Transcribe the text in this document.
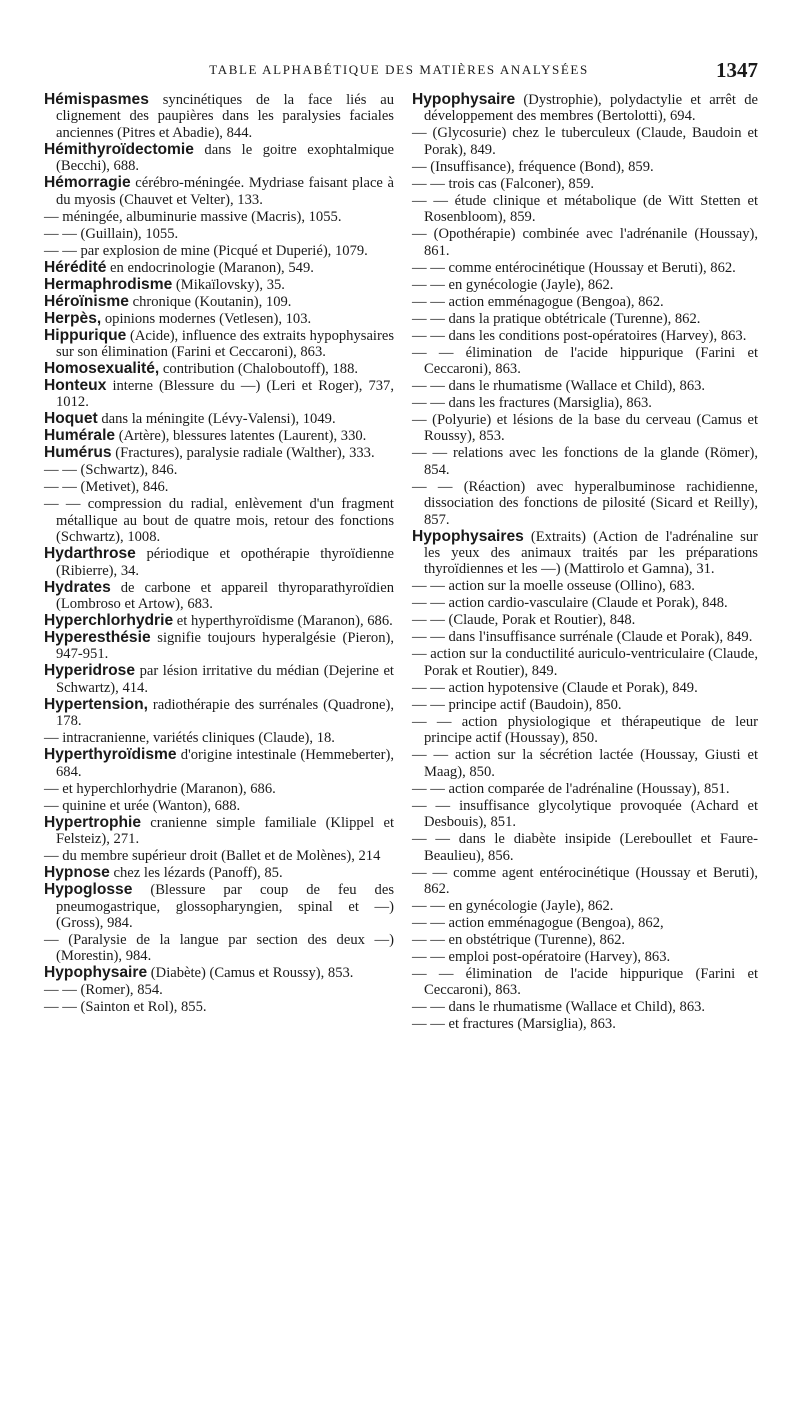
TABLE ALPHABÉTIQUE DES MATIÈRES ANALYSÉES	1347
Hémispasmes syncinétiques de la face liés au clignement des paupières dans les paralysies faciales anciennes (Pitres et Abadie), 844.
Hémithyroïdectomie dans le goitre exophtalmique (Becchi), 688.
Hémorragie cérébro-méningée. Mydriase faisant place à du myosis (Chauvet et Velter), 133.
— méningée, albuminurie massive (Macris), 1055.
— — (Guillain), 1055.
— — par explosion de mine (Picqué et Duperié), 1079.
Hérédité en endocrinologie (Maranon), 549.
Hermaphrodisme (Mikaïlovsky), 35.
Héroïnisme chronique (Koutanin), 109.
Herpès, opinions modernes (Vetlesen), 103.
Hippurique (Acide), influence des extraits hypophysaires sur son élimination (Farini et Ceccaroni), 863.
Homosexualité, contribution (Chaloboutoff), 188.
Honteux interne (Blessure du —) (Leri et Roger), 737, 1012.
Hoquet dans la méningite (Lévy-Valensi), 1049.
Humérale (Artère), blessures latentes (Laurent), 330.
Humérus (Fractures), paralysie radiale (Walther), 333.
— — (Schwartz), 846.
— — (Metivet), 846.
— — compression du radial, enlèvement d'un fragment métallique au bout de quatre mois, retour des fonctions (Schwartz), 1008.
Hydarthrose périodique et opothérapie thyroïdienne (Ribierre), 34.
Hydrates de carbone et appareil thyroparathyroïdien (Lombroso et Artow), 683.
Hyperchlorhydrie et hyperthyroïdisme (Maranon), 686.
Hyperesthésie signifie toujours hyperalgésie (Pieron), 947-951.
Hyperidrose par lésion irritative du médian (Dejerine et Schwartz), 414.
Hypertension, radiothérapie des surrénales (Quadrone), 178.
— intracranienne, variétés cliniques (Claude), 18.
Hyperthyroïdisme d'origine intestinale (Hemmeberter), 684.
— et hyperchlorhydrie (Maranon), 686.
— quinine et urée (Wanton), 688.
Hypertrophie cranienne simple familiale (Klippel et Felsteiz), 271.
— du membre supérieur droit (Ballet et de Molènes), 214
Hypnose chez les lézards (Panoff), 85.
Hypoglosse (Blessure par coup de feu des pneumogastrique, glossopharyngien, spinal et —) (Gross), 984.
— (Paralysie de la langue par section des deux —) (Morestin), 984.
Hypophysaire (Diabète) (Camus et Roussy), 853.
— — (Romer), 854.
— — (Sainton et Rol), 855.
Hypophysaire (Dystrophie), polydactylie et arrêt de développement des membres (Bertolotti), 694.
— (Glycosurie) chez le tuberculeux (Claude, Baudoin et Porak), 849.
— (Insuffisance), fréquence (Bond), 859.
— — trois cas (Falconer), 859.
— — étude clinique et métabolique (de Witt Stetten et Rosenbloom), 859.
— (Opothérapie) combinée avec l'adrénanile (Houssay), 861.
— — comme entérocinétique (Houssay et Beruti), 862.
— — en gynécologie (Jayle), 862.
— — action emménagogue (Bengoa), 862.
— — dans la pratique obtétricale (Turenne), 862.
— — dans les conditions post-opératoires (Harvey), 863.
— — élimination de l'acide hippurique (Farini et Ceccaroni), 863.
— — dans le rhumatisme (Wallace et Child), 863.
— — dans les fractures (Marsiglia), 863.
— (Polyurie) et lésions de la base du cerveau (Camus et Roussy), 853.
— — relations avec les fonctions de la glande (Römer), 854.
— — (Réaction) avec hyperalbuminose rachidienne, dissociation des fonctions de pilosité (Sicard et Reilly), 857.
Hypophysaires (Extraits) (Action de l'adrénaline sur les yeux des animaux traités par les préparations thyroïdiennes et les —) (Mattirolo et Gamna), 31.
— — action sur la moelle osseuse (Ollino), 683.
— — action cardio-vasculaire (Claude et Porak), 848.
— — (Claude, Porak et Routier), 848.
— — dans l'insuffisance surrénale (Claude et Porak), 849.
— action sur la conductilité auriculo-ventriculaire (Claude, Porak et Routier), 849.
— — action hypotensive (Claude et Porak), 849.
— — principe actif (Baudoin), 850.
— — action physiologique et thérapeutique de leur principe actif (Houssay), 850.
— — action sur la sécrétion lactée (Houssay, Giusti et Maag), 850.
— — action comparée de l'adrénaline (Houssay), 851.
— — insuffisance glycolytique provoquée (Achard et Desbouis), 851.
— — dans le diabète insipide (Lereboullet et Faure-Beaulieu), 856.
— — comme agent entérocinétique (Houssay et Beruti), 862.
— — en gynécologie (Jayle), 862.
— — action emménagogue (Bengoa), 862,
— — en obstétrique (Turenne), 862.
— — emploi post-opératoire (Harvey), 863.
— — élimination de l'acide hippurique (Farini et Ceccaroni), 863.
— — dans le rhumatisme (Wallace et Child), 863.
— — et fractures (Marsiglia), 863.
